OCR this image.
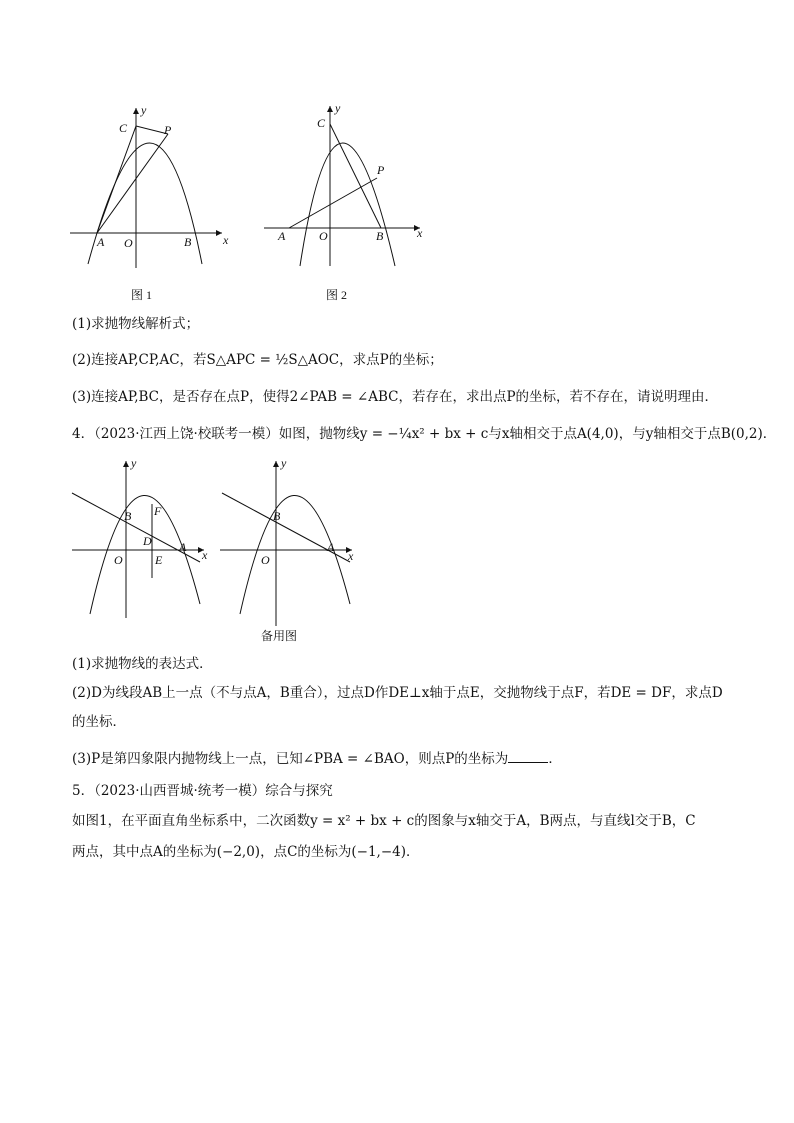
y
x
C	P
A O	B
图 1
y
x
C
P
A	O	B
图 2
(1)求抛物线解析式；
(2)连接AP,CP,AC，若S△APC = ½S△AOC，求点P的坐标；
(3)连接AP,BC，是否存在点P，使得2∠PAB = ∠ABC，若存在，求出点P的坐标，若不存在，请说明理由．
4．（2023·江西上饶·校联考一模）如图，抛物线y = −¼x² + bx + c与x轴相交于点A(4,0)，与y轴相交于点B(0,2)．
y
x
B F
D A
O	E
y
x
B
A
O
备用图
(1)求抛物线的表达式．
(2)D为线段AB上一点（不与点A，B重合），过点D作DE⊥x轴于点E，交抛物线于点F，若DE = DF，求点D
的坐标．
(3)P是第四象限内抛物线上一点，已知∠PBA = ∠BAO，则点P的坐标为	．
5．（2023·山西晋城·统考一模）综合与探究
如图1，在平面直角坐标系中，二次函数y = x² + bx + c的图象与x轴交于A，B两点，与直线l交于B，C
两点，其中点A的坐标为(−2,0)，点C的坐标为(−1,−4)．
